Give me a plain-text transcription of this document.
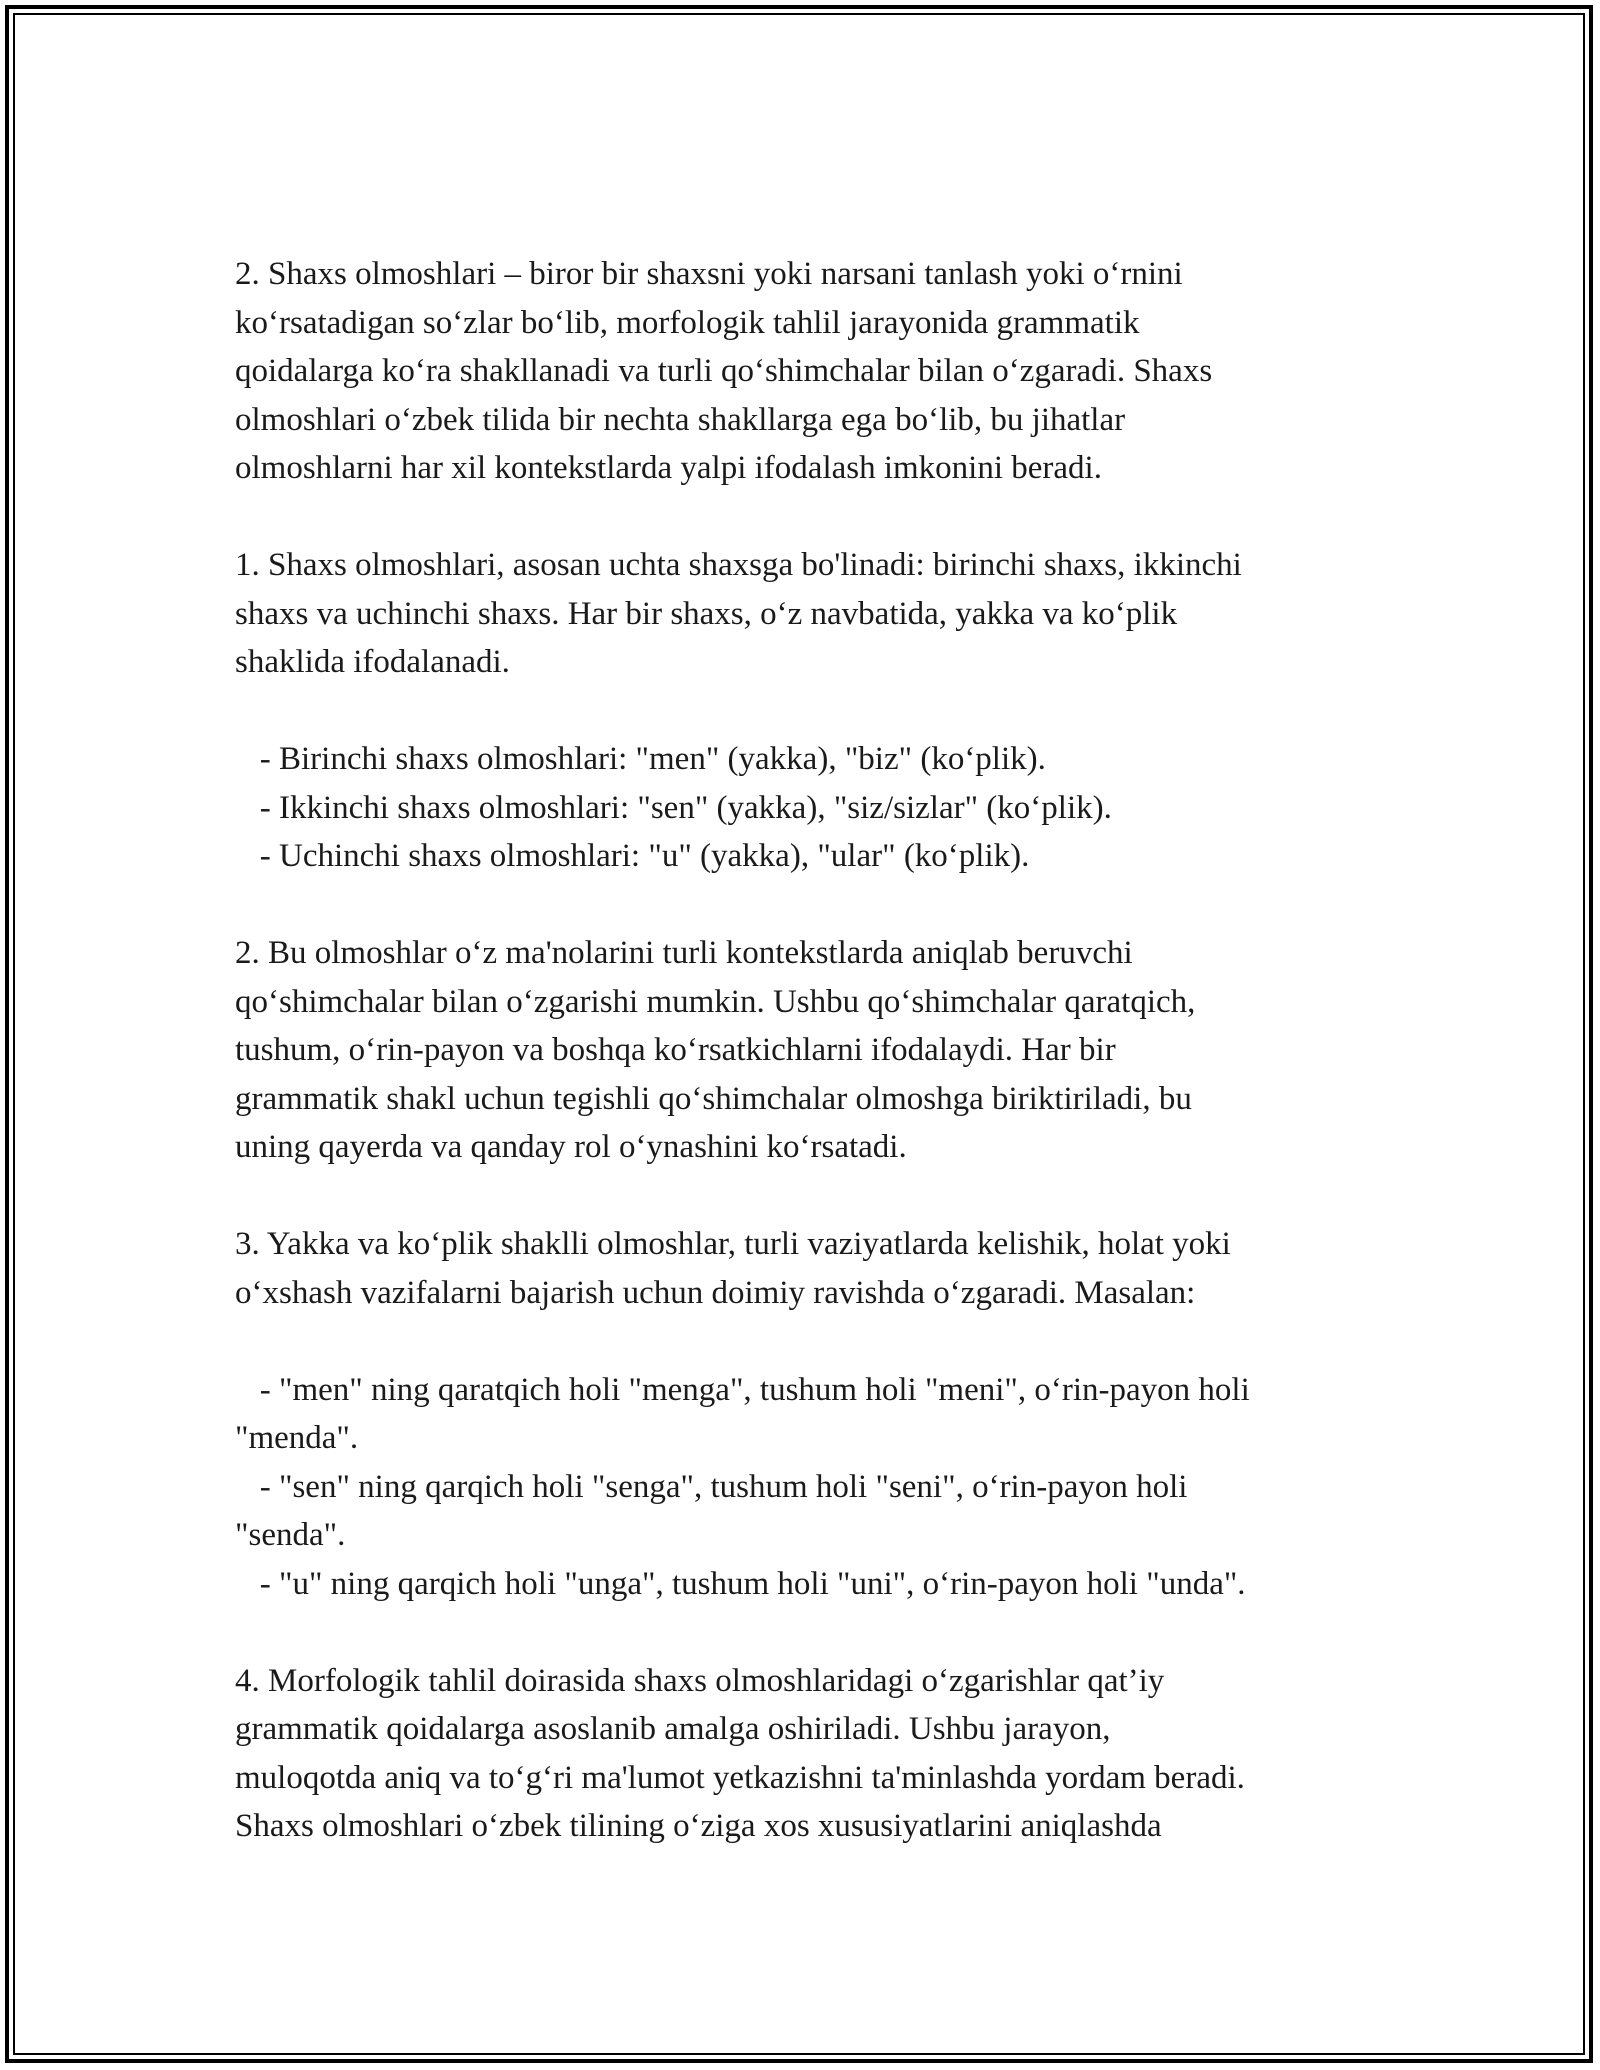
2. Shaxs olmoshlari – biror bir shaxsni yoki narsani tanlash yoki o‘rnini
ko‘rsatadigan so‘zlar bo‘lib, morfologik tahlil jarayonida grammatik
qoidalarga ko‘ra shakllanadi va turli qo‘shimchalar bilan o‘zgaradi. Shaxs
olmoshlari o‘zbek tilida bir nechta shakllarga ega bo‘lib, bu jihatlar
olmoshlarni har xil kontekstlarda yalpi ifodalash imkonini beradi.
1. Shaxs olmoshlari, asosan uchta shaxsga bo'linadi: birinchi shaxs, ikkinchi
shaxs va uchinchi shaxs. Har bir shaxs, o‘z navbatida, yakka va ko‘plik
shaklida ifodalanadi.
- Birinchi shaxs olmoshlari: "men" (yakka), "biz" (ko‘plik).
- Ikkinchi shaxs olmoshlari: "sen" (yakka), "siz/sizlar" (ko‘plik).
- Uchinchi shaxs olmoshlari: "u" (yakka), "ular" (ko‘plik).
2. Bu olmoshlar o‘z ma'nolarini turli kontekstlarda aniqlab beruvchi
qo‘shimchalar bilan o‘zgarishi mumkin. Ushbu qo‘shimchalar qaratqich,
tushum, o‘rin-payon va boshqa ko‘rsatkichlarni ifodalaydi. Har bir
grammatik shakl uchun tegishli qo‘shimchalar olmoshga biriktiriladi, bu
uning qayerda va qanday rol o‘ynashini ko‘rsatadi.
3. Yakka va ko‘plik shaklli olmoshlar, turli vaziyatlarda kelishik, holat yoki
o‘xshash vazifalarni bajarish uchun doimiy ravishda o‘zgaradi. Masalan:
- "men" ning qaratqich holi "menga", tushum holi "meni", o‘rin-payon holi
"menda".
- "sen" ning qarqich holi "senga", tushum holi "seni", o‘rin-payon holi
"senda".
- "u" ning qarqich holi "unga", tushum holi "uni", o‘rin-payon holi "unda".
4. Morfologik tahlil doirasida shaxs olmoshlaridagi o‘zgarishlar qat’iy
grammatik qoidalarga asoslanib amalga oshiriladi. Ushbu jarayon,
muloqotda aniq va to‘g‘ri ma'lumot yetkazishni ta'minlashda yordam beradi.
Shaxs olmoshlari o‘zbek tilining o‘ziga xos xususiyatlarini aniqlashda
